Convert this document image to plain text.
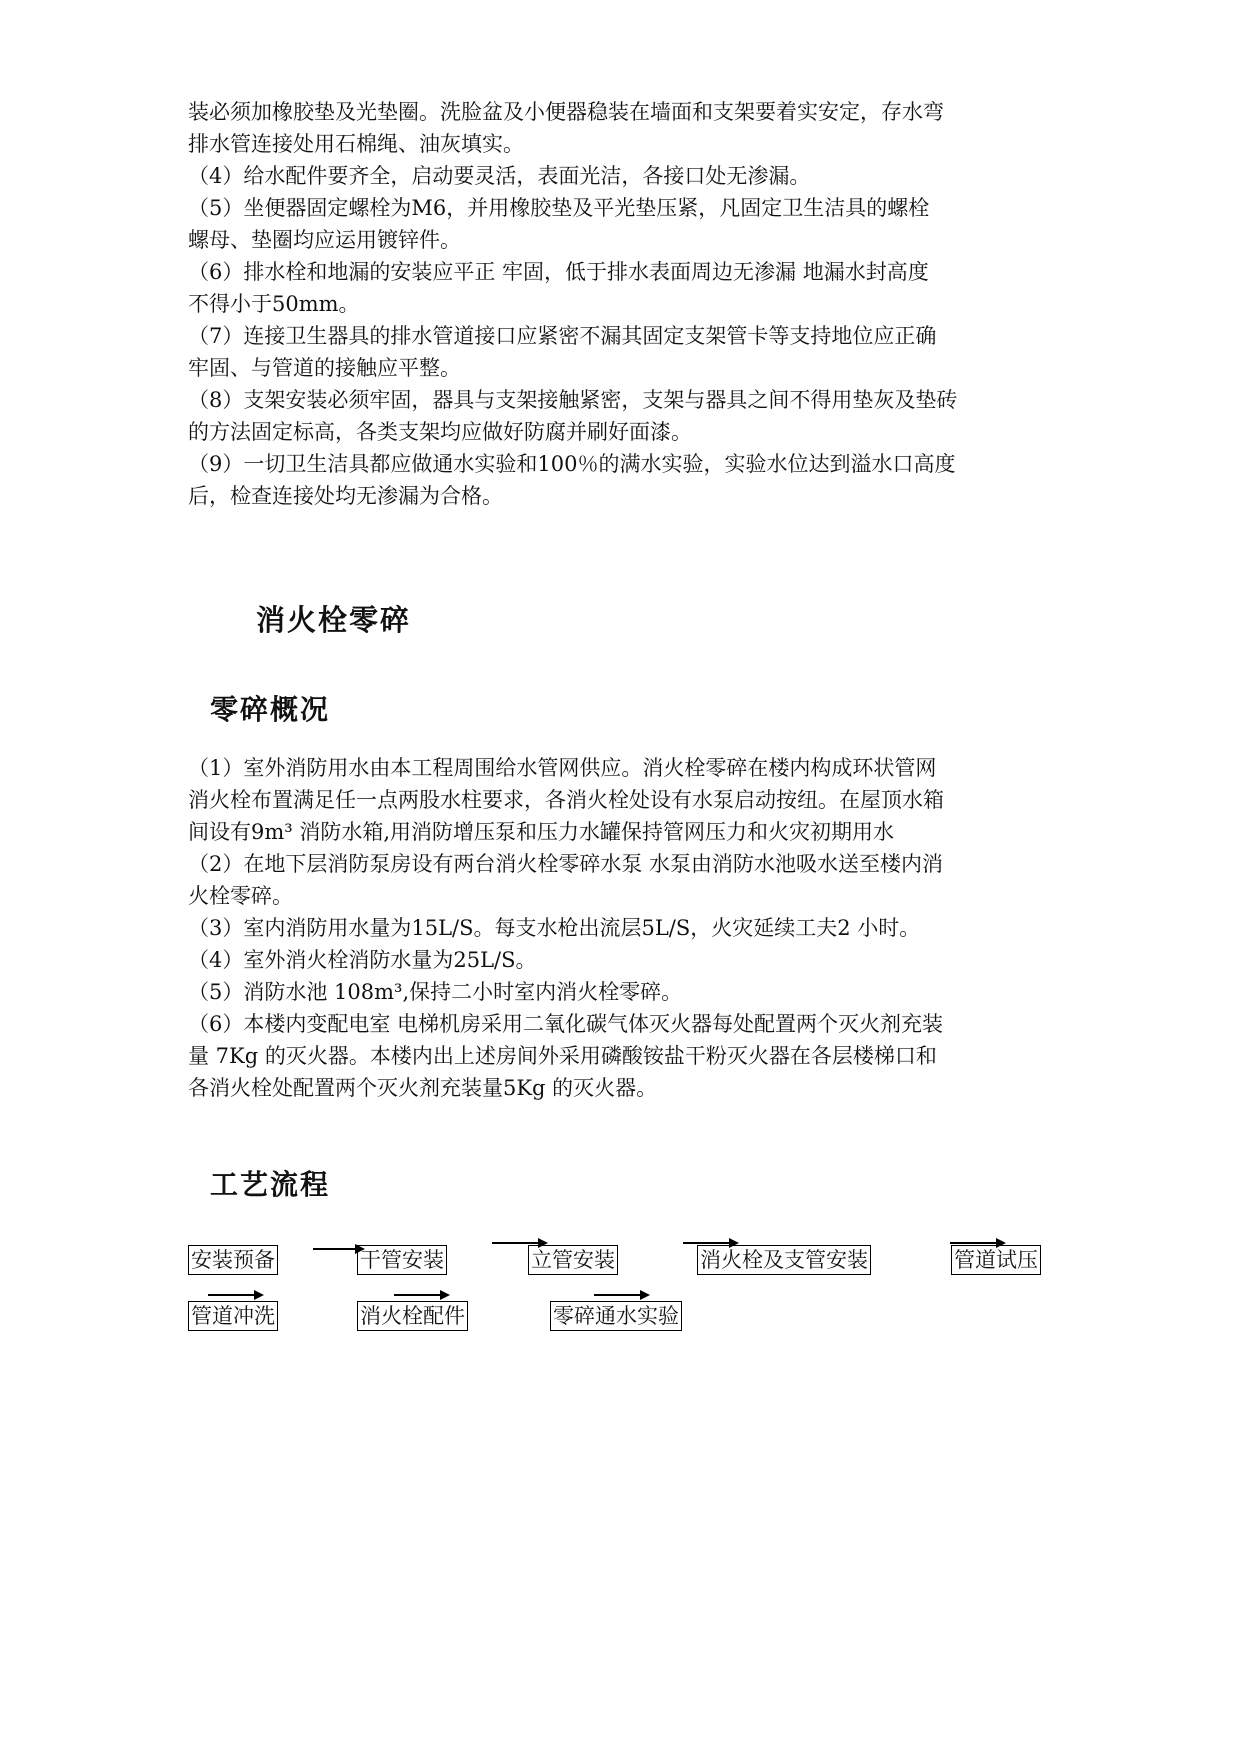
装必须加橡胶垫及光垫圈。洗脸盆及小便器稳装在墙面和支架要着实安定，存水弯

排水管连接处用石棉绳、油灰填实。

（4）给水配件要齐全，启动要灵活，表面光洁，各接口处无渗漏。

（5）坐便器固定螺栓为M6，并用橡胶垫及平光垫压紧，凡固定卫生洁具的螺栓

螺母、垫圈均应运用镀锌件。

（6）排水栓和地漏的安装应平正 牢固，低于排水表面周边无渗漏 地漏水封高度

不得小于50mm。

（7）连接卫生器具的排水管道接口应紧密不漏其固定支架管卡等支持地位应正确

牢固、与管道的接触应平整。

（8）支架安装必须牢固，器具与支架接触紧密，支架与器具之间不得用垫灰及垫砖

的方法固定标高，各类支架均应做好防腐并刷好面漆。

（9）一切卫生洁具都应做通水实验和100％的满水实验，实验水位达到溢水口高度

后，检查连接处均无渗漏为合格。

消火栓零碎
零碎概况

（1）室外消防用水由本工程周围给水管网供应。消火栓零碎在楼内构成环状管网

消火栓布置满足任一点两股水柱要求，各消火栓处设有水泵启动按纽。在屋顶水箱

间设有9m³ 消防水箱,用消防增压泵和压力水罐保持管网压力和火灾初期用水

（2）在地下层消防泵房设有两台消火栓零碎水泵 水泵由消防水池吸水送至楼内消

火栓零碎。

（3）室内消防用水量为15L/S。每支水枪出流层5L/S，火灾延续工夫2 小时。

（4）室外消火栓消防水量为25L/S。

（5）消防水池 108m³,保持二小时室内消火栓零碎。

（6）本楼内变配电室 电梯机房采用二氧化碳气体灭火器每处配置两个灭火剂充装

量 7Kg 的灭火器。本楼内出上述房间外采用磷酸铵盐干粉灭火器在各层楼梯口和

各消火栓处配置两个灭火剂充装量5Kg 的灭火器。

工艺流程
安装预备	干管安装	立管安装	消火栓及支管安装	管道试压
管道冲洗	消火栓配件	零碎通水实验
